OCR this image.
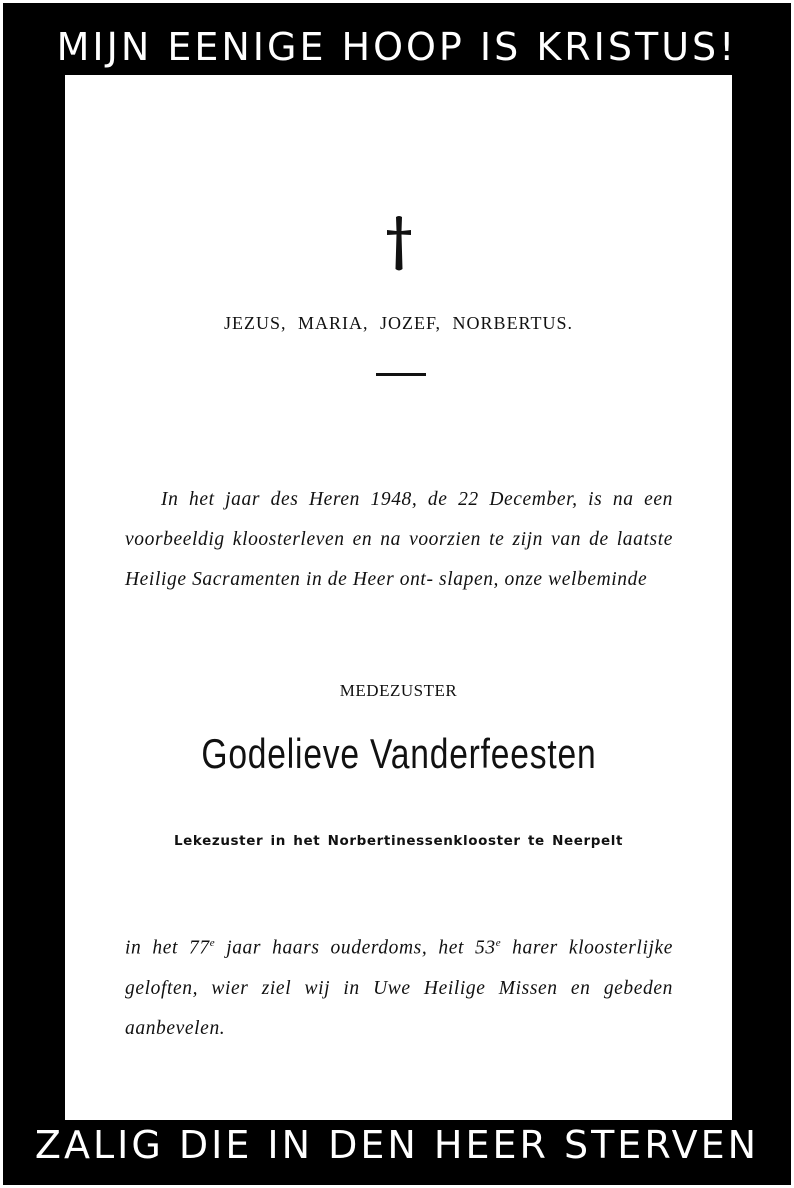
MIJN EENIGE HOOP IS KRISTUS!
JEZUS, MARIA, JOZEF, NORBERTUS.

In het jaar des Heren 1948, de 22 December, is na een voorbeeldig kloosterleven en na voorzien te zijn van de laatste Heilige Sacramenten in de Heer ont- slapen, onze welbeminde

MEDEZUSTER
Godelieve Vanderfeesten
Lekezuster in het Norbertinessenklooster te Neerpelt

in het 77e jaar haars ouderdoms, het 53e harer kloosterlijke geloften, wier ziel wij in Uwe Heilige Missen en gebeden aanbevelen.

ZALIG DIE IN DEN HEER STERVEN
